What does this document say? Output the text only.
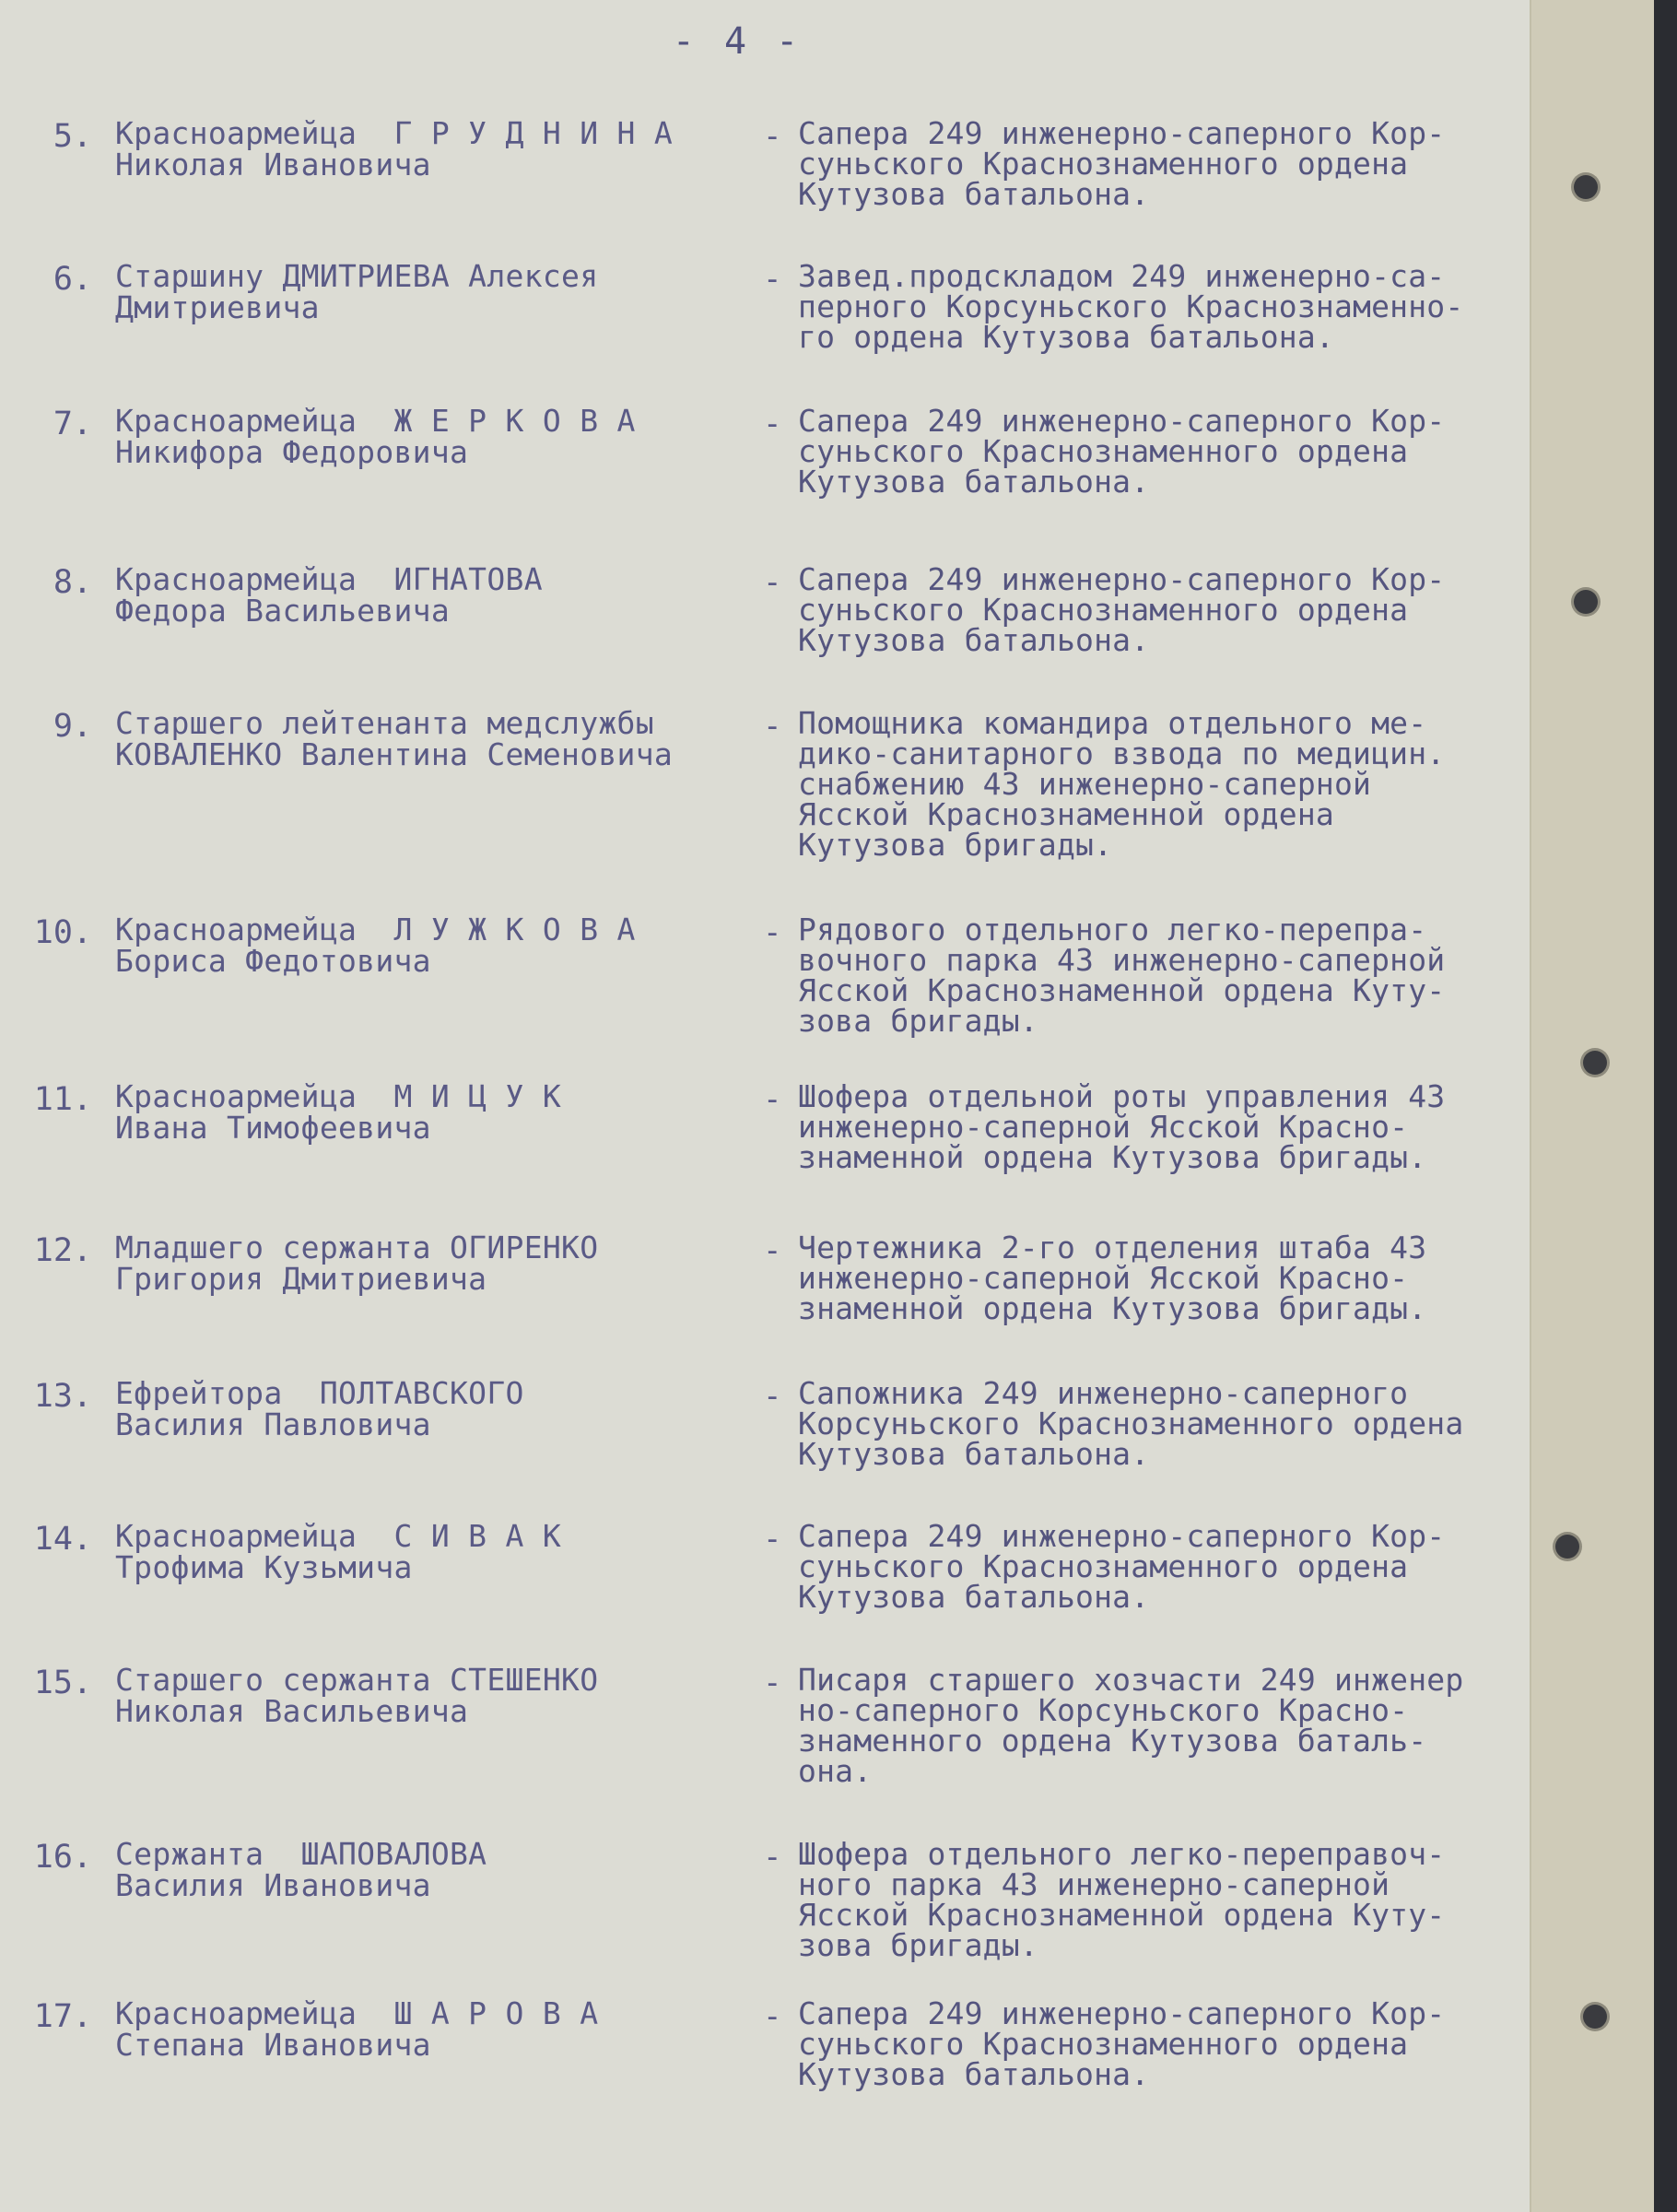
- 4 -
5. Красноармейца  Г Р У Д Н И Н А
Николая Ивановича
- Сапера 249 инженерно-саперного Кор-
суньского Краснознаменного ордена
Кутузова батальона.
6. Старшину ДМИТРИЕВА Алексея
Дмитриевича
- Завед.продскладом 249 инженерно-са-
перного Корсуньского Краснознаменно-
го ордена Кутузова батальона.
7. Красноармейца  Ж Е Р К О В А
Никифора Федоровича
- Сапера 249 инженерно-саперного Кор-
суньского Краснознаменного ордена
Кутузова батальона.
8. Красноармейца  ИГНАТОВА
Федора Васильевича
- Сапера 249 инженерно-саперного Кор-
суньского Краснознаменного ордена
Кутузова батальона.
9. Старшего лейтенанта медслужбы
КОВАЛЕНКО Валентина Семеновича
- Помощника командира отдельного ме-
дико-санитарного взвода по медицин.
снабжению 43 инженерно-саперной
Ясской Краснознаменной ордена
Кутузова бригады.
10. Красноармейца  Л У Ж К О В А
Бориса Федотовича
- Рядового отдельного легко-перепра-
вочного парка 43 инженерно-саперной
Ясской Краснознаменной ордена Куту-
зова бригады.
11. Красноармейца  М И Ц У К
Ивана Тимофеевича
- Шофера отдельной роты управления 43
инженерно-саперной Ясской Красно-
знаменной ордена Кутузова бригады.
12. Младшего сержанта ОГИРЕНКО
Григория Дмитриевича
- Чертежника 2-го отделения штаба 43
инженерно-саперной Ясской Красно-
знаменной ордена Кутузова бригады.
13. Ефрейтора  ПОЛТАВСКОГО
Василия Павловича
- Сапожника 249 инженерно-саперного
Корсуньского Краснознаменного ордена
Кутузова батальона.
14. Красноармейца  С И В А К
Трофима Кузьмича
- Сапера 249 инженерно-саперного Кор-
суньского Краснознаменного ордена
Кутузова батальона.
15. Старшего сержанта СТЕШЕНКО
Николая Васильевича
- Писаря старшего хозчасти 249 инженер
но-саперного Корсуньского Красно-
знаменного ордена Кутузова баталь-
она.
16. Сержанта  ШАПОВАЛОВА
Василия Ивановича
- Шофера отдельного легко-переправоч-
ного парка 43 инженерно-саперной
Ясской Краснознаменной ордена Куту-
зова бригады.
17. Красноармейца  Ш А Р О В А
Степана Ивановича
- Сапера 249 инженерно-саперного Кор-
суньского Краснознаменного ордена
Кутузова батальона.
